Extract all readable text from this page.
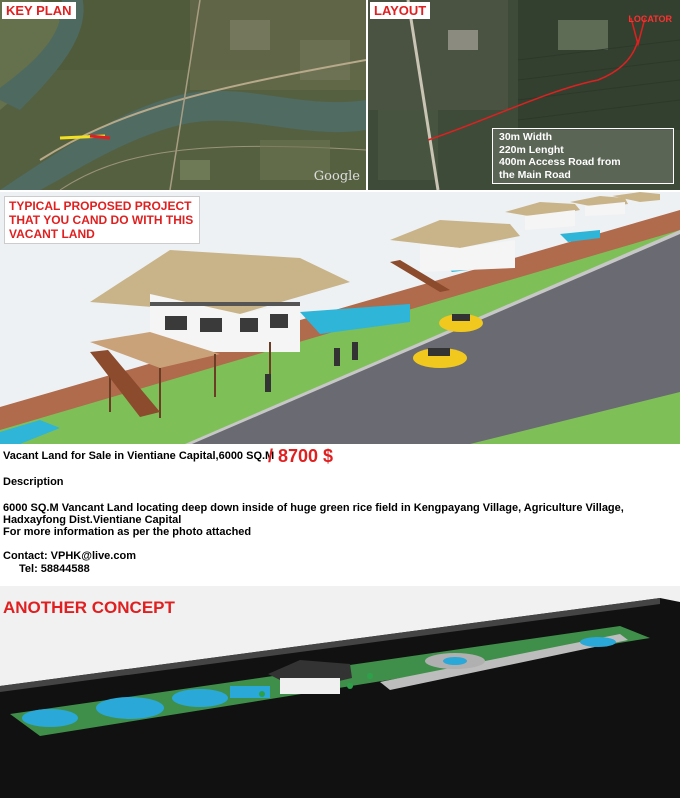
KEY PLAN
Google
LAYOUT
LOCATOR
30m Width
220m Lenght
400m Access Road from
the Main Road
TYPICAL PROPOSED PROJECT
THAT YOU CAND DO WITH THIS
VACANT LAND
Vacant Land for Sale in Vientiane Capital,6000 SQ.M
/ 8700 $
Description
6000 SQ.M Vancant Land locating deep down inside of huge green rice field in Kengpayang Village, Agriculture Village,
Hadxayfong Dist.Vientiane Capital
For more information as per the photo attached
Contact: VPHK@live.com
Tel: 58844588
ANOTHER CONCEPT
